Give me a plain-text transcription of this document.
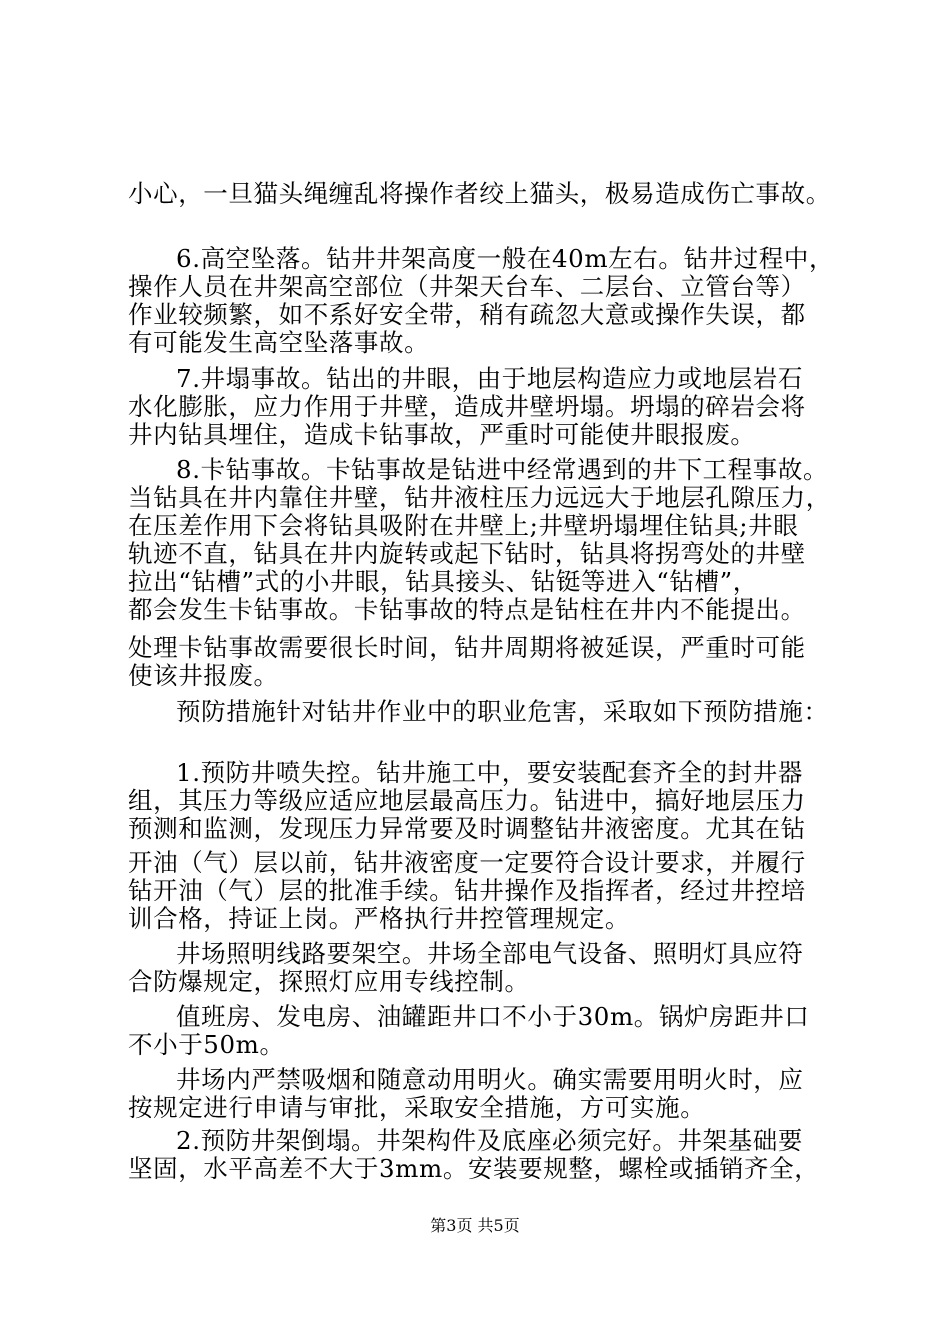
小心，一旦猫头绳缠乱将操作者绞上猫头，极易造成伤亡事故。
6.高空坠落。钻井井架高度一般在40m左右。钻井过程中，
操作人员在井架高空部位（井架天台车、二层台、立管台等）
作业较频繁，如不系好安全带，稍有疏忽大意或操作失误，都
有可能发生高空坠落事故。
7.井塌事故。钻出的井眼，由于地层构造应力或地层岩石
水化膨胀，应力作用于井壁，造成井壁坍塌。坍塌的碎岩会将
井内钻具埋住，造成卡钻事故，严重时可能使井眼报废。
8.卡钻事故。卡钻事故是钻进中经常遇到的井下工程事故。
当钻具在井内靠住井壁，钻井液柱压力远远大于地层孔隙压力，
在压差作用下会将钻具吸附在井壁上;井壁坍塌埋住钻具;井眼
轨迹不直，钻具在井内旋转或起下钻时，钻具将拐弯处的井壁
拉出“钻槽”式的小井眼，钻具接头、钻铤等进入“钻槽”，
都会发生卡钻事故。卡钻事故的特点是钻柱在井内不能提出。
处理卡钻事故需要很长时间，钻井周期将被延误，严重时可能
使该井报废。
预防措施针对钻井作业中的职业危害，采取如下预防措施：
1.预防井喷失控。钻井施工中，要安装配套齐全的封井器
组，其压力等级应适应地层最高压力。钻进中，搞好地层压力
预测和监测，发现压力异常要及时调整钻井液密度。尤其在钻
开油（气）层以前，钻井液密度一定要符合设计要求，并履行
钻开油（气）层的批准手续。钻井操作及指挥者，经过井控培
训合格，持证上岗。严格执行井控管理规定。
井场照明线路要架空。井场全部电气设备、照明灯具应符
合防爆规定，探照灯应用专线控制。
值班房、发电房、油罐距井口不小于30m。锅炉房距井口
不小于50m。
井场内严禁吸烟和随意动用明火。确实需要用明火时，应
按规定进行申请与审批，采取安全措施，方可实施。
2.预防井架倒塌。井架构件及底座必须完好。井架基础要
坚固，水平高差不大于3mm。安装要规整，螺栓或插销齐全，
第3页 共5页
